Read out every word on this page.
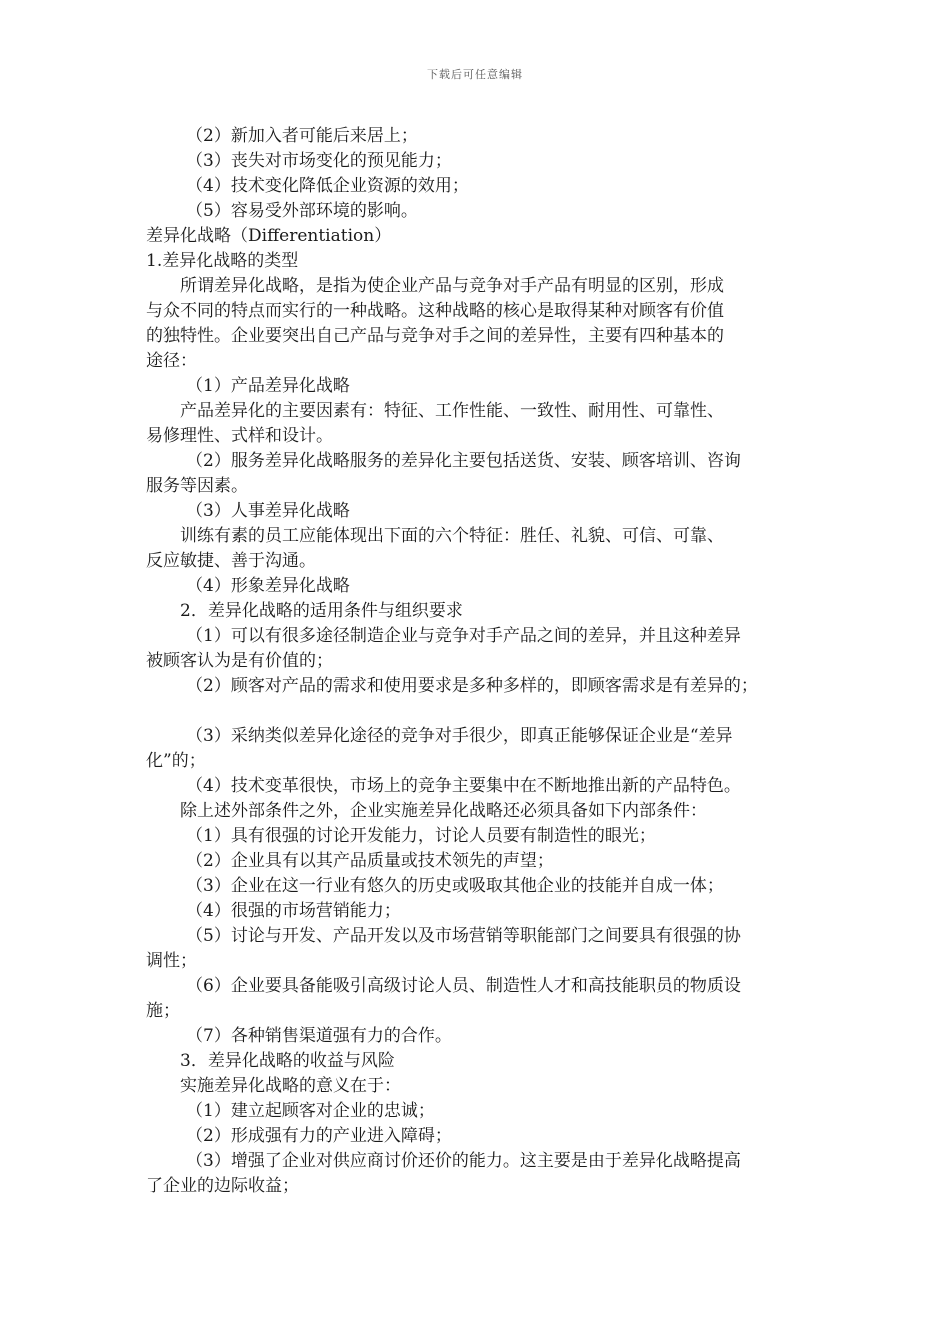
下载后可任意编辑
（2）新加入者可能后来居上；
（3）丧失对市场变化的预见能力；
（4）技术变化降低企业资源的效用；
（5）容易受外部环境的影响。
差异化战略（Differentiation）
1.差异化战略的类型
所谓差异化战略，是指为使企业产品与竞争对手产品有明显的区别，形成
与众不同的特点而实行的一种战略。这种战略的核心是取得某种对顾客有价值
的独特性。企业要突出自己产品与竞争对手之间的差异性，主要有四种基本的
途径：
（1）产品差异化战略
产品差异化的主要因素有：特征、工作性能、一致性、耐用性、可靠性、
易修理性、式样和设计。
（2）服务差异化战略服务的差异化主要包括送货、安装、顾客培训、咨询
服务等因素。
（3）人事差异化战略
训练有素的员工应能体现出下面的六个特征：胜任、礼貌、可信、可靠、
反应敏捷、善于沟通。
（4）形象差异化战略
2．差异化战略的适用条件与组织要求
（1）可以有很多途径制造企业与竞争对手产品之间的差异，并且这种差异
被顾客认为是有价值的；
（2）顾客对产品的需求和使用要求是多种多样的，即顾客需求是有差异的；
（3）采纳类似差异化途径的竞争对手很少，即真正能够保证企业是“差异
化”的；
（4）技术变革很快，市场上的竞争主要集中在不断地推出新的产品特色。
除上述外部条件之外，企业实施差异化战略还必须具备如下内部条件：
（1）具有很强的讨论开发能力，讨论人员要有制造性的眼光；
（2）企业具有以其产品质量或技术领先的声望；
（3）企业在这一行业有悠久的历史或吸取其他企业的技能并自成一体；
（4）很强的市场营销能力；
（5）讨论与开发、产品开发以及市场营销等职能部门之间要具有很强的协
调性；
（6）企业要具备能吸引高级讨论人员、制造性人才和高技能职员的物质设
施；
（7）各种销售渠道强有力的合作。
3．差异化战略的收益与风险
实施差异化战略的意义在于：
（1）建立起顾客对企业的忠诚；
（2）形成强有力的产业进入障碍；
（3）增强了企业对供应商讨价还价的能力。这主要是由于差异化战略提高
了企业的边际收益；
